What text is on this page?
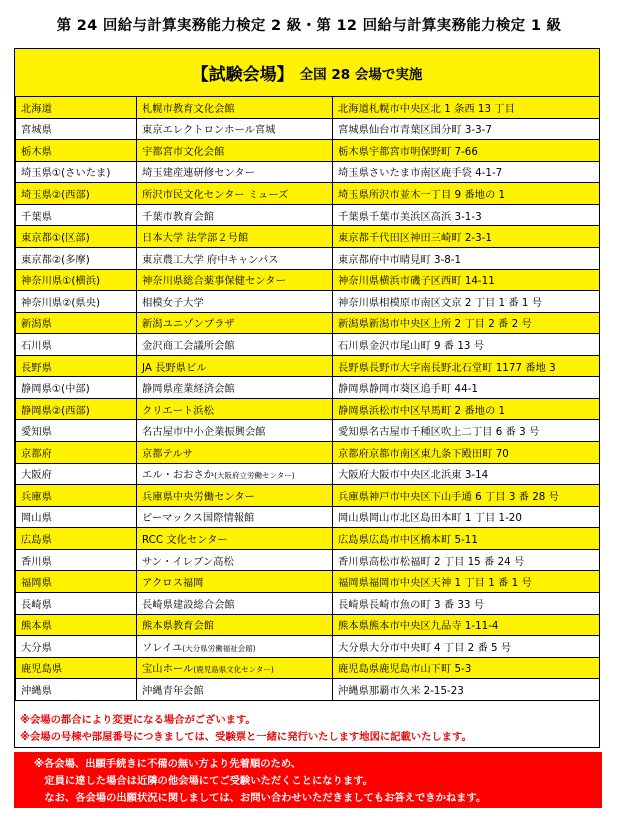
第 24 回給与計算実務能力検定 2 級・第 12 回給与計算実務能力検定 1 級
【試験会場】 全国 28 会場で実施
北海道	札幌市教育文化会館	北海道札幌市中央区北 1 条西 13 丁目
宮城県	東京エレクトロンホール宮城	宮城県仙台市青葉区国分町 3-3-7
栃木県	宇都宮市文化会館	栃木県宇都宮市明保野町 7-66
埼玉県①(さいたま)	埼玉建産連研修センター	埼玉県さいたま市南区鹿手袋 4-1-7
埼玉県②(西部)	所沢市民文化センター ミューズ	埼玉県所沢市並木一丁目 9 番地の 1
千葉県	千葉市教育会館	千葉県千葉市美浜区高浜 3-1-3
東京都①(区部)	日本大学 法学部２号館	東京都千代田区神田三崎町 2-3-1
東京都②(多摩)	東京農工大学 府中キャンパス	東京都府中市晴見町 3-8-1
神奈川県①(横浜)	神奈川県総合薬事保健センター	神奈川県横浜市磯子区西町 14-11
神奈川県②(県央)	相模女子大学	神奈川県相模原市南区文京 2 丁目 1 番 1 号
新潟県	新潟ユニゾンプラザ	新潟県新潟市中央区上所 2 丁目 2 番 2 号
石川県	金沢商工会議所会館	石川県金沢市尾山町 9 番 13 号
長野県	JA 長野県ビル	長野県長野市大字南長野北石堂町 1177 番地 3
静岡県①(中部)	静岡県産業経済会館	静岡県静岡市葵区追手町 44-1
静岡県②(西部)	クリエート浜松	静岡県浜松市中区早馬町 2 番地の 1
愛知県	名古屋市中小企業振興会館	愛知県名古屋市千種区吹上二丁目 6 番 3 号
京都府	京都テルサ	京都府京都市南区東九条下殿田町 70
大阪府	エル・おおさか(大阪府立労働センター)	大阪府大阪市中央区北浜東 3-14
兵庫県	兵庫県中央労働センター	兵庫県神戸市中央区下山手通 6 丁目 3 番 28 号
岡山県	ピーマックス国際情報館	岡山県岡山市北区島田本町 1 丁目 1-20
広島県	RCC 文化センター	広島県広島市中区橋本町 5-11
香川県	サン・イレブン高松	香川県高松市松福町 2 丁目 15 番 24 号
福岡県	アクロス福岡	福岡県福岡市中央区天神 1 丁目 1 番 1 号
長崎県	長崎県建設総合会館	長崎県長崎市魚の町 3 番 33 号
熊本県	熊本県教育会館	熊本県熊本市中央区九品寺 1-11-4
大分県	ソレイユ(大分県労働福祉会館)	大分県大分市中央町 4 丁目 2 番 5 号
鹿児島県	宝山ホール(鹿児島県文化センター)	鹿児島県鹿児島市山下町 5-3
沖縄県	沖縄青年会館	沖縄県那覇市久米 2-15-23
※会場の都合により変更になる場合がございます。
※会場の号棟や部屋番号につきましては、受験票と一緒に発行いたします地図に記載いたします。
※各会場、出願手続きに不備の無い方より先着順のため、
　定員に達した場合は近隣の他会場にてご受験いただくことになります。
　なお、各会場の出願状況に関しましては、お問い合わせいただきましてもお答えできかねます。
